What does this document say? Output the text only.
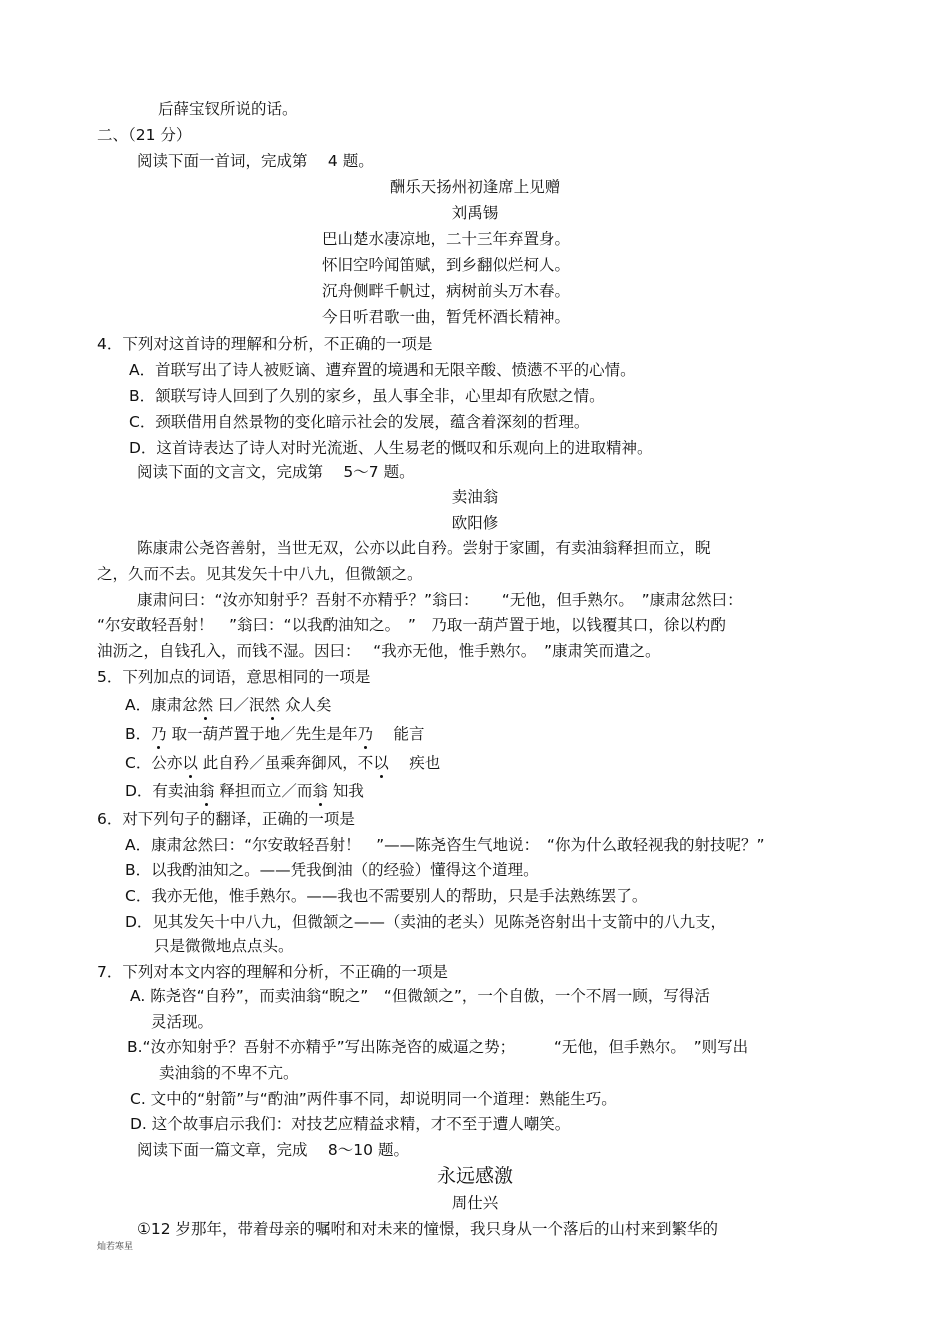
后薛宝钗所说的话。
二、（21 分）
阅读下面一首词，完成第　 4 题。
酬乐天扬州初逢席上见赠
刘禹锡
巴山楚水凄凉地，二十三年弃置身。
怀旧空吟闻笛赋，到乡翻似烂柯人。
沉舟侧畔千帆过，病树前头万木春。
今日听君歌一曲，暂凭杯酒长精神。
4．下列对这首诗的理解和分析，不正确的一项是
A．首联写出了诗人被贬谪、遭弃置的境遇和无限辛酸、愤懑不平的心情。
B．颔联写诗人回到了久别的家乡，虽人事全非，心里却有欣慰之情。
C．颈联借用自然景物的变化暗示社会的发展，蕴含着深刻的哲理。
D．这首诗表达了诗人对时光流逝、人生易老的慨叹和乐观向上的进取精神。
阅读下面的文言文，完成第　 5～7 题。
卖油翁
欧阳修
陈康肃公尧咨善射，当世无双，公亦以此自矜。尝射于家圃，有卖油翁释担而立，睨
之，久而不去。见其发矢十中八九，但微颔之。
康肃问曰：“汝亦知射乎？吾射不亦精乎？”翁曰：　　“无他，但手熟尔。　”康肃忿然曰：
“尔安敢轻吾射！　”翁曰：“以我酌油知之。　”　乃取一葫芦置于地，以钱覆其口，徐以杓酌
油沥之，自钱孔入，而钱不湿。因曰：　 “我亦无他，惟手熟尔。　”康肃笑而遣之。
5．下列加点的词语，意思相同的一项是
A．康肃忿然 曰／泯然 众人矣
B．乃 取一葫芦置于地／先生是年乃　 能言
C．公亦以 此自矜／虽乘奔御风，不以　 疾也
D．有卖油翁 释担而立／而翁 知我
6．对下列句子的翻译，正确的一项是
A．康肃忿然曰：“尔安敢轻吾射！　”——陈尧咨生气地说：　“你为什么敢轻视我的射技呢？”
B．以我酌油知之。——凭我倒油（的经验）懂得这个道理。
C．我亦无他，惟手熟尔。——我也不需要别人的帮助，只是手法熟练罢了。
D．见其发矢十中八九，但微颔之——（卖油的老头）见陈尧咨射出十支箭中的八九支，
只是微微地点点头。
7．下列对本文内容的理解和分析，不正确的一项是
A. 陈尧咨“自矜”，而卖油翁“睨之”　“但微颔之”，一个自傲，一个不屑一顾，写得活
灵活现。
B.“汝亦知射乎？吾射不亦精乎”写出陈尧咨的威逼之势；　　　“无他，但手熟尔。　”则写出
卖油翁的不卑不亢。
C. 文中的“射箭”与“酌油”两件事不同，却说明同一个道理：熟能生巧。
D. 这个故事启示我们：对技艺应精益求精，才不至于遭人嘲笑。
阅读下面一篇文章，完成　 8～10 题。
永远感激
周仕兴
①12 岁那年，带着母亲的嘱咐和对未来的憧憬，我只身从一个落后的山村来到繁华的
灿若寒星
